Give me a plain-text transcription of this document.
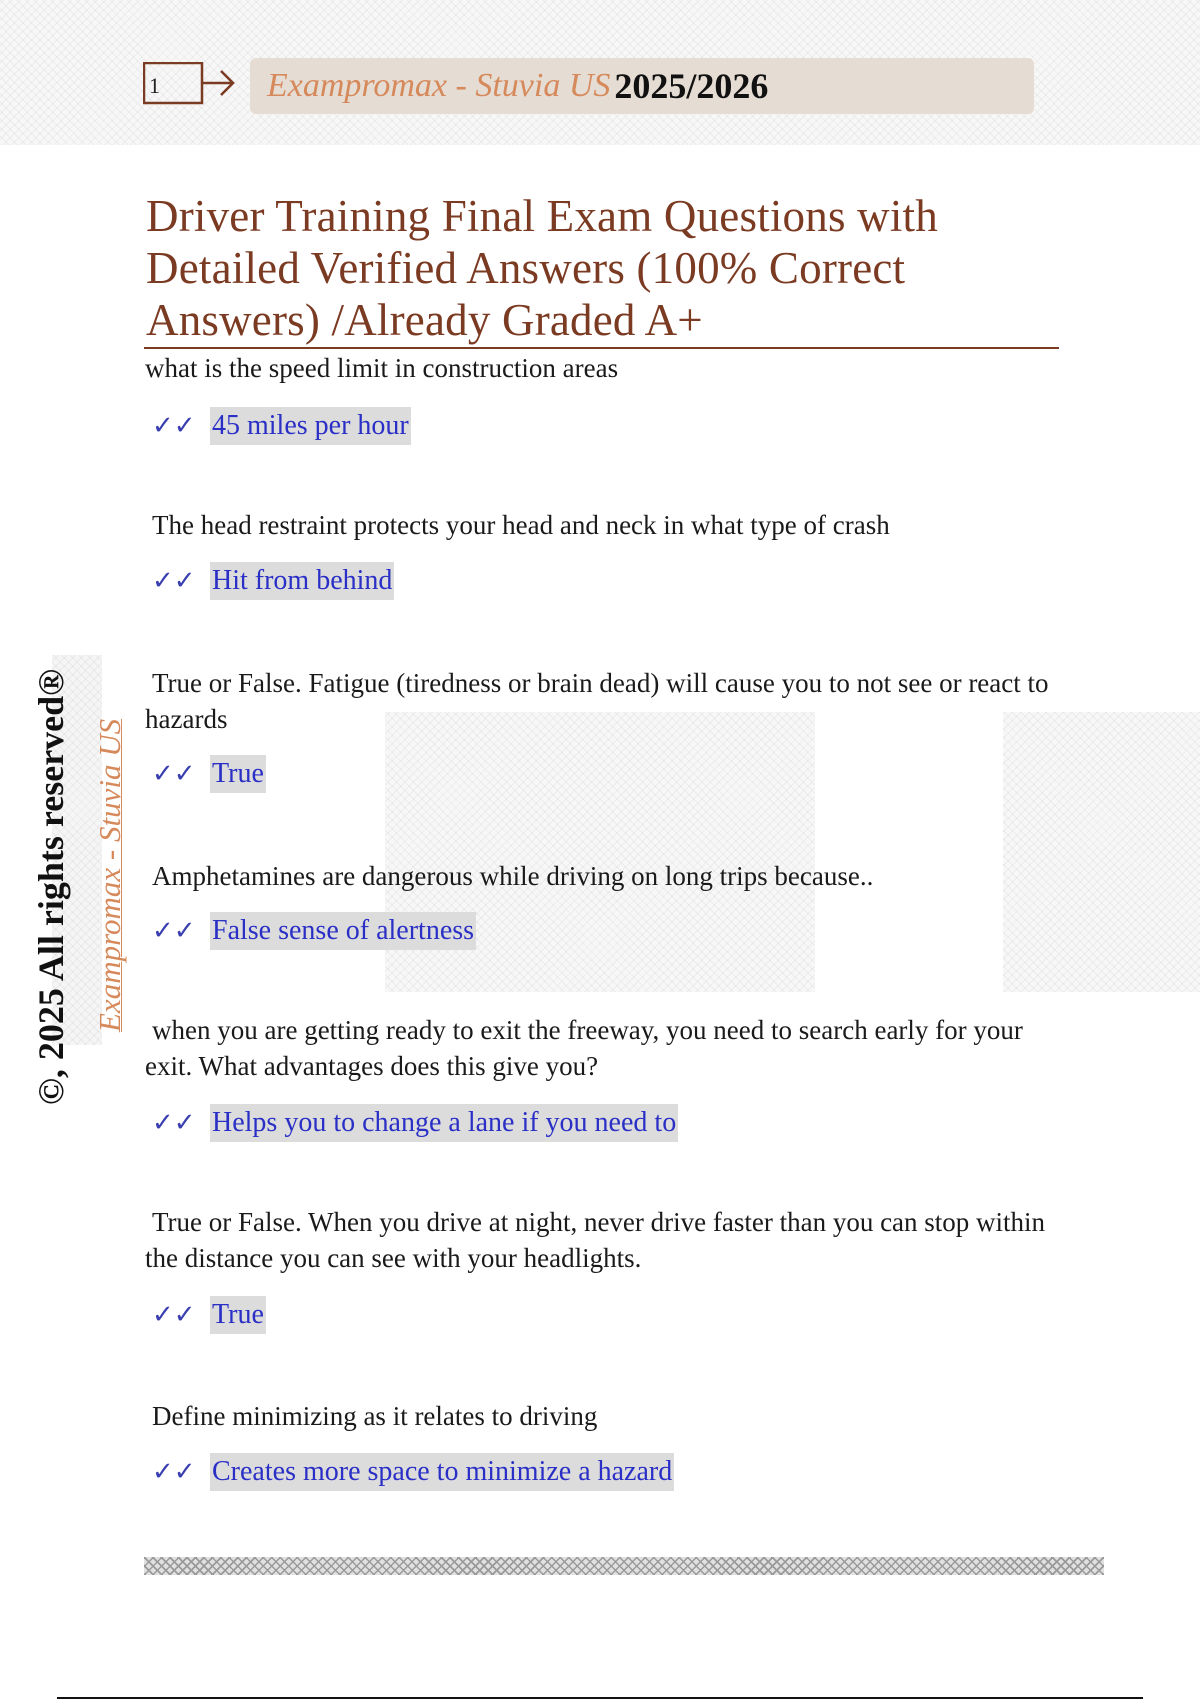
1	Exampromax - Stuvia US 2025/2026
Driver Training Final Exam Questions with Detailed Verified Answers (100% Correct Answers) /Already Graded A+
what is the speed limit in construction areas
✓✓ 45 miles per hour
The head restraint protects your head and neck in what type of crash
✓✓ Hit from behind
True or False. Fatigue (tiredness or brain dead) will cause you to not see or react to hazards
✓✓ True
Amphetamines are dangerous while driving on long trips because..
✓✓ False sense of alertness
when you are getting ready to exit the freeway, you need to search early for your exit. What advantages does this give you?
✓✓ Helps you to change a lane if you need to
True or False. When you drive at night, never drive faster than you can stop within the distance you can see with your headlights.
✓✓ True
Define minimizing as it relates to driving
✓✓ Creates more space to minimize a hazard
©, 2025 All rights reserved® Exampromax - Stuvia US
